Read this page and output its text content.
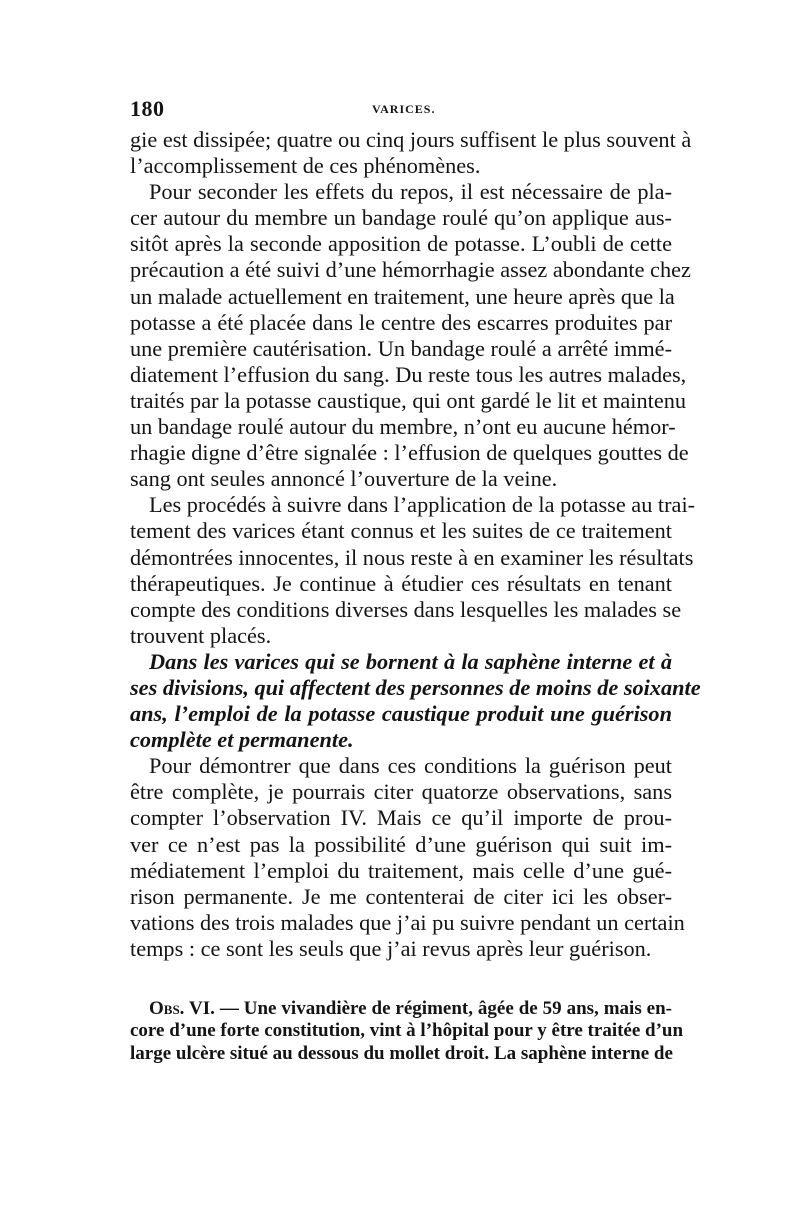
180	VARICES.
gie est dissipée; quatre ou cinq jours suffisent le plus souvent à
l’accomplissement de ces phénomènes.
Pour seconder les effets du repos, il est nécessaire de pla-
cer autour du membre un bandage roulé qu’on applique aus-
sitôt après la seconde apposition de potasse. L’oubli de cette
précaution a été suivi d’une hémorrhagie assez abondante chez
un malade actuellement en traitement, une heure après que la
potasse a été placée dans le centre des escarres produites par
une première cautérisation. Un bandage roulé a arrêté immé-
diatement l’effusion du sang. Du reste tous les autres malades,
traités par la potasse caustique, qui ont gardé le lit et maintenu
un bandage roulé autour du membre, n’ont eu aucune hémor-
rhagie digne d’être signalée : l’effusion de quelques gouttes de
sang ont seules annoncé l’ouverture de la veine.
Les procédés à suivre dans l’application de la potasse au trai-
tement des varices étant connus et les suites de ce traitement
démontrées innocentes, il nous reste à en examiner les résultats
thérapeutiques. Je continue à étudier ces résultats en tenant
compte des conditions diverses dans lesquelles les malades se
trouvent placés.
Dans les varices qui se bornent à la saphène interne et à
ses divisions, qui affectent des personnes de moins de soixante
ans, l’emploi de la potasse caustique produit une guérison
complète et permanente.
Pour démontrer que dans ces conditions la guérison peut
être complète, je pourrais citer quatorze observations, sans
compter l’observation IV. Mais ce qu’il importe de prou-
ver ce n’est pas la possibilité d’une guérison qui suit im-
médiatement l’emploi du traitement, mais celle d’une gué-
rison permanente. Je me contenterai de citer ici les obser-
vations des trois malades que j’ai pu suivre pendant un certain
temps : ce sont les seuls que j’ai revus après leur guérison.
Obs. VI. — Une vivandière de régiment, âgée de 59 ans, mais en-
core d’une forte constitution, vint à l’hôpital pour y être traitée d’un
large ulcère situé au dessous du mollet droit. La saphène interne de
